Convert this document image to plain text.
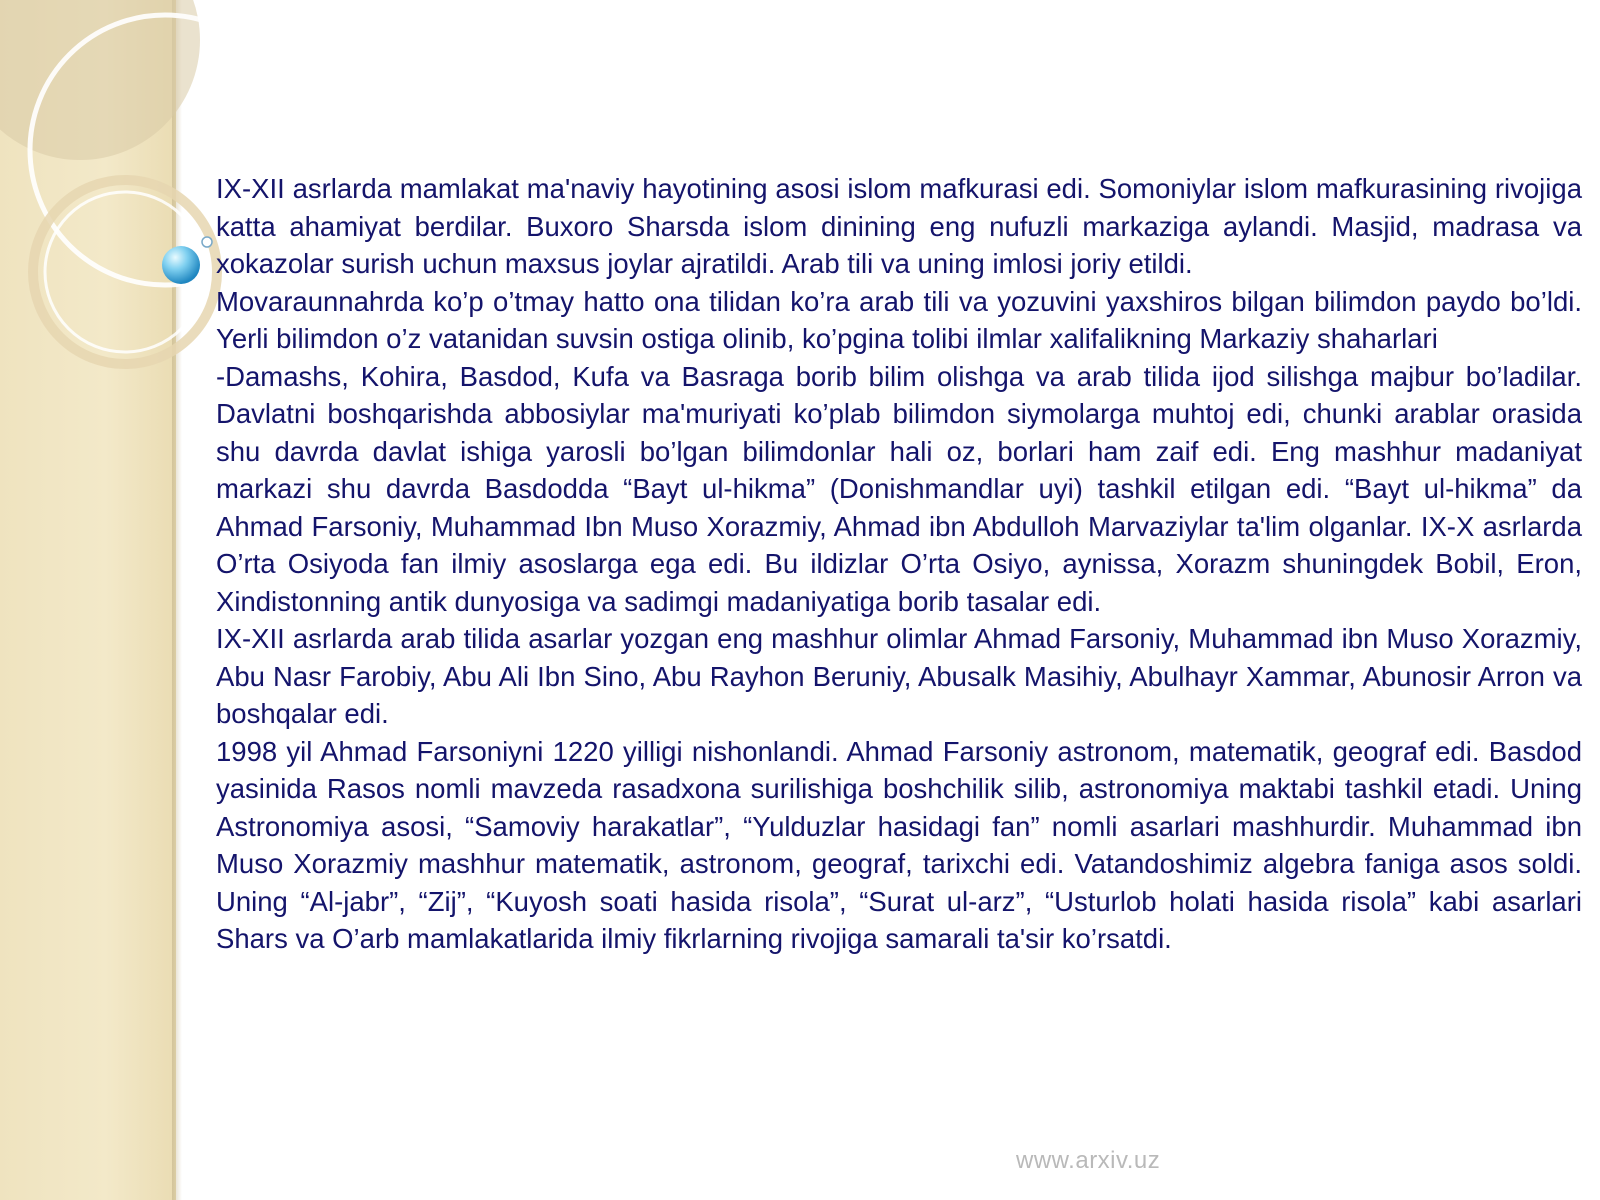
IX-XII asrlarda mamlakat ma'naviy hayotining asosi islom mafkurasi edi. Somoniylar islom mafkurasining rivojiga katta ahamiyat berdilar. Buxoro Sharsda islom dinining eng nufuzli markaziga aylandi. Masjid, madrasa va xokazolar surish uchun maxsus joylar ajratildi. Arab tili va uning imlosi joriy etildi.

Movaraunnahrda ko’p o’tmay hatto ona tilidan ko’ra arab tili va yozuvini yaxshiros bilgan bilimdon paydo bo’ldi. Yerli bilimdon o’z vatanidan suvsin ostiga olinib, ko’pgina tolibi ilmlar xalifalikning Markaziy shaharlari

-Damashs, Kohira, Basdod, Kufa va Basraga borib bilim olishga va arab tilida ijod silishga majbur bo’ladilar. Davlatni boshqarishda abbosiylar ma'muriyati ko’plab bilimdon siymolarga muhtoj edi, chunki arablar orasida shu davrda davlat ishiga yarosli bo’lgan bilimdonlar hali oz, borlari ham zaif edi. Eng mashhur madaniyat markazi shu davrda Basdodda “Bayt ul-hikma” (Donishmandlar uyi) tashkil etilgan edi. “Bayt ul-hikma” da Ahmad Farsoniy, Muhammad Ibn Muso Xorazmiy, Ahmad ibn Abdulloh Marvaziylar ta'lim olganlar. IX-X asrlarda O’rta Osiyoda fan ilmiy asoslarga ega edi. Bu ildizlar O’rta Osiyo, aynissa, Xorazm shuningdek Bobil, Eron, Xindistonning antik dunyosiga va sadimgi madaniyatiga borib tasalar edi.

IX-XII asrlarda arab tilida asarlar yozgan eng mashhur olimlar Ahmad Farsoniy, Muhammad ibn Muso Xorazmiy, Abu Nasr Farobiy, Abu Ali Ibn Sino, Abu Rayhon Beruniy, Abusalk Masihiy, Abulhayr Xammar, Abunosir Arron va boshqalar edi.

1998 yil Ahmad Farsoniyni 1220 yilligi nishonlandi. Ahmad Farsoniy astronom, matematik, geograf edi. Basdod yasinida Rasos nomli mavzeda rasadxona surilishiga boshchilik silib, astronomiya maktabi tashkil etadi. Uning Astronomiya asosi, “Samoviy harakatlar”, “Yulduzlar hasidagi fan” nomli asarlari mashhurdir. Muhammad ibn Muso Xorazmiy mashhur matematik, astronom, geograf, tarixchi edi. Vatandoshimiz algebra faniga asos soldi. Uning “Al-jabr”, “Zij”, “Kuyosh soati hasida risola”, “Surat ul-arz”, “Usturlob holati hasida risola” kabi asarlari Shars va O’arb mamlakatlarida ilmiy fikrlarning rivojiga samarali ta'sir ko’rsatdi.

www.arxiv.uz
